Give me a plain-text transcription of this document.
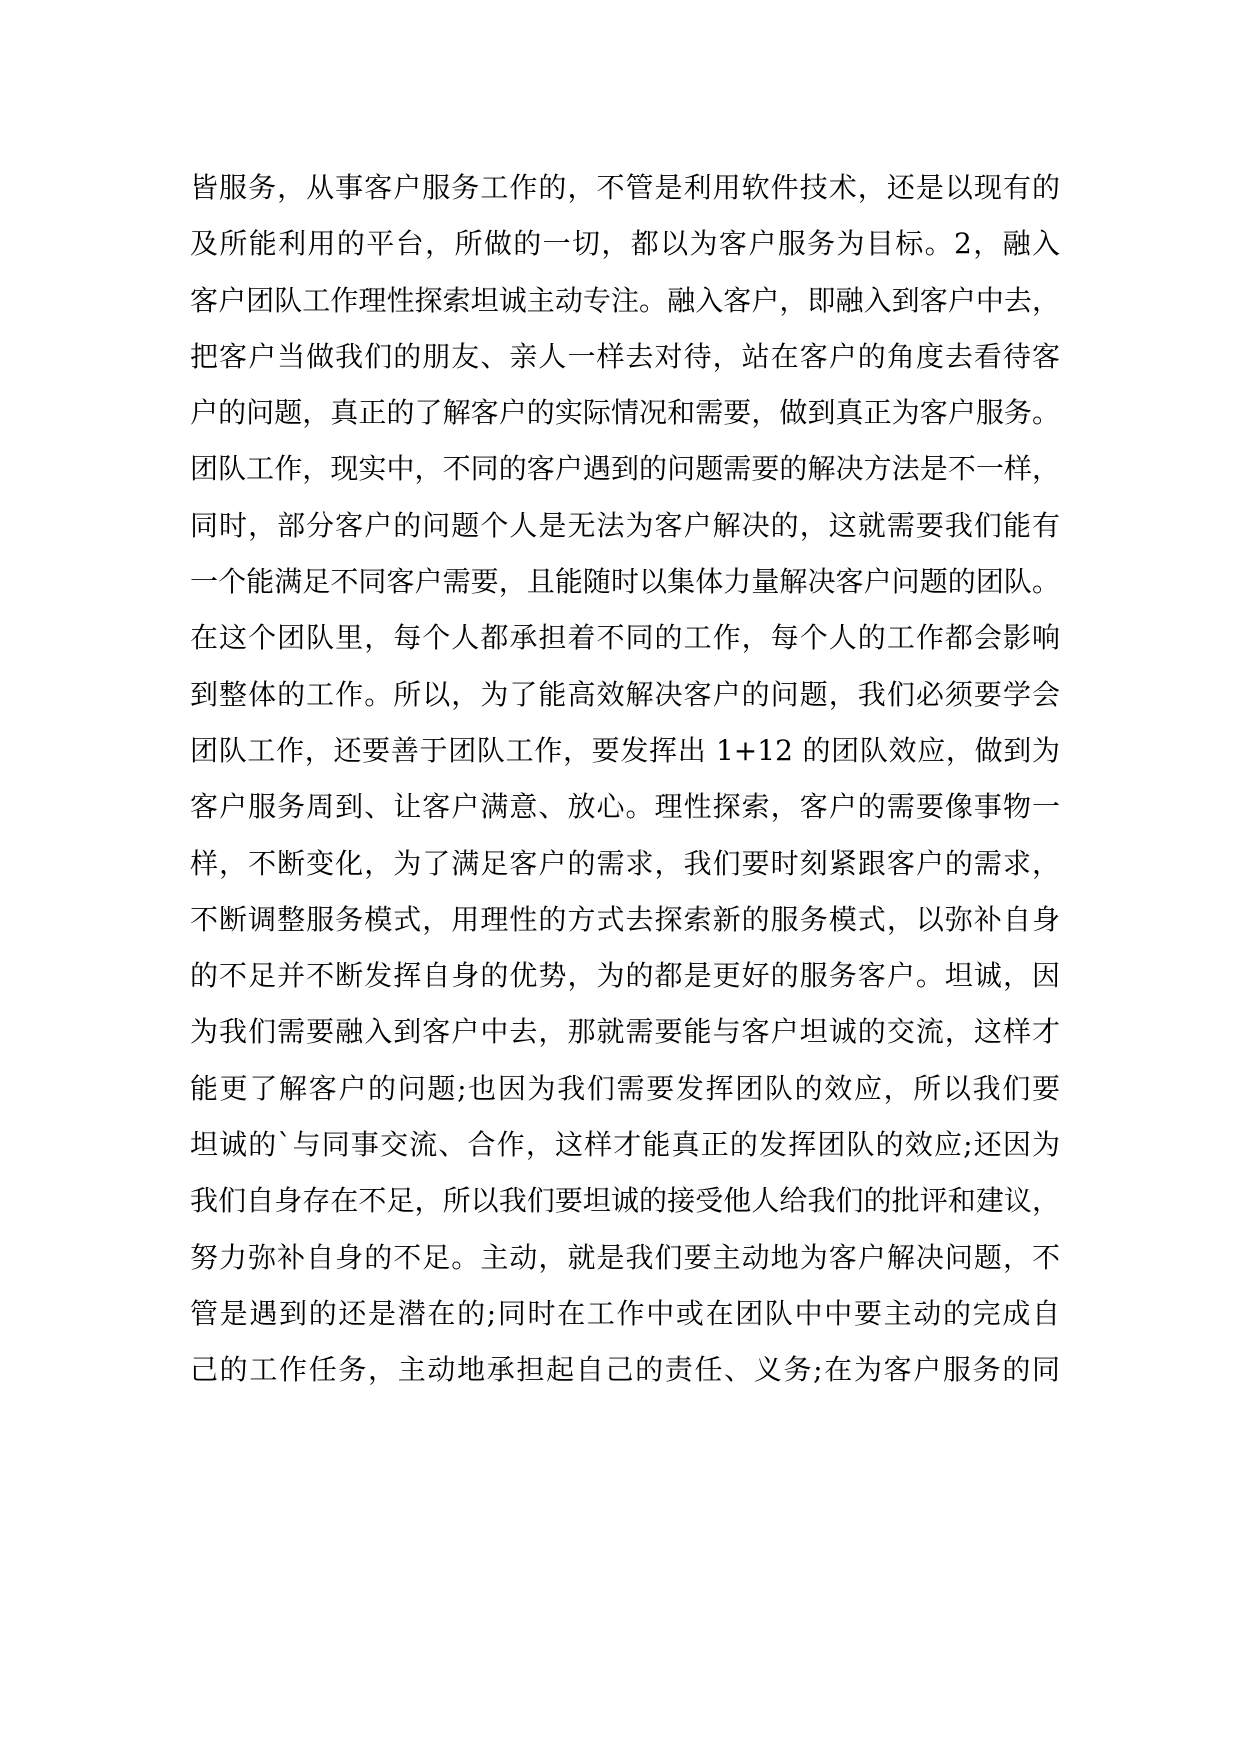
皆服务，从事客户服务工作的，不管是利用软件技术，还是以现有的
及所能利用的平台，所做的一切，都以为客户服务为目标。2，融入
客户团队工作理性探索坦诚主动专注。融入客户，即融入到客户中去，
把客户当做我们的朋友、亲人一样去对待，站在客户的角度去看待客
户的问题，真正的了解客户的实际情况和需要，做到真正为客户服务。
团队工作，现实中，不同的客户遇到的问题需要的解决方法是不一样，
同时，部分客户的问题个人是无法为客户解决的，这就需要我们能有
一个能满足不同客户需要，且能随时以集体力量解决客户问题的团队。
在这个团队里，每个人都承担着不同的工作，每个人的工作都会影响
到整体的工作。所以，为了能高效解决客户的问题，我们必须要学会
团队工作，还要善于团队工作，要发挥出 1+12 的团队效应，做到为
客户服务周到、让客户满意、放心。理性探索，客户的需要像事物一
样，不断变化，为了满足客户的需求，我们要时刻紧跟客户的需求，
不断调整服务模式，用理性的方式去探索新的服务模式，以弥补自身
的不足并不断发挥自身的优势，为的都是更好的服务客户。坦诚，因
为我们需要融入到客户中去，那就需要能与客户坦诚的交流，这样才
能更了解客户的问题;也因为我们需要发挥团队的效应，所以我们要
坦诚的`与同事交流、合作，这样才能真正的发挥团队的效应;还因为
我们自身存在不足，所以我们要坦诚的接受他人给我们的批评和建议，
努力弥补自身的不足。主动，就是我们要主动地为客户解决问题，不
管是遇到的还是潜在的;同时在工作中或在团队中中要主动的完成自
己的工作任务，主动地承担起自己的责任、义务;在为客户服务的同
